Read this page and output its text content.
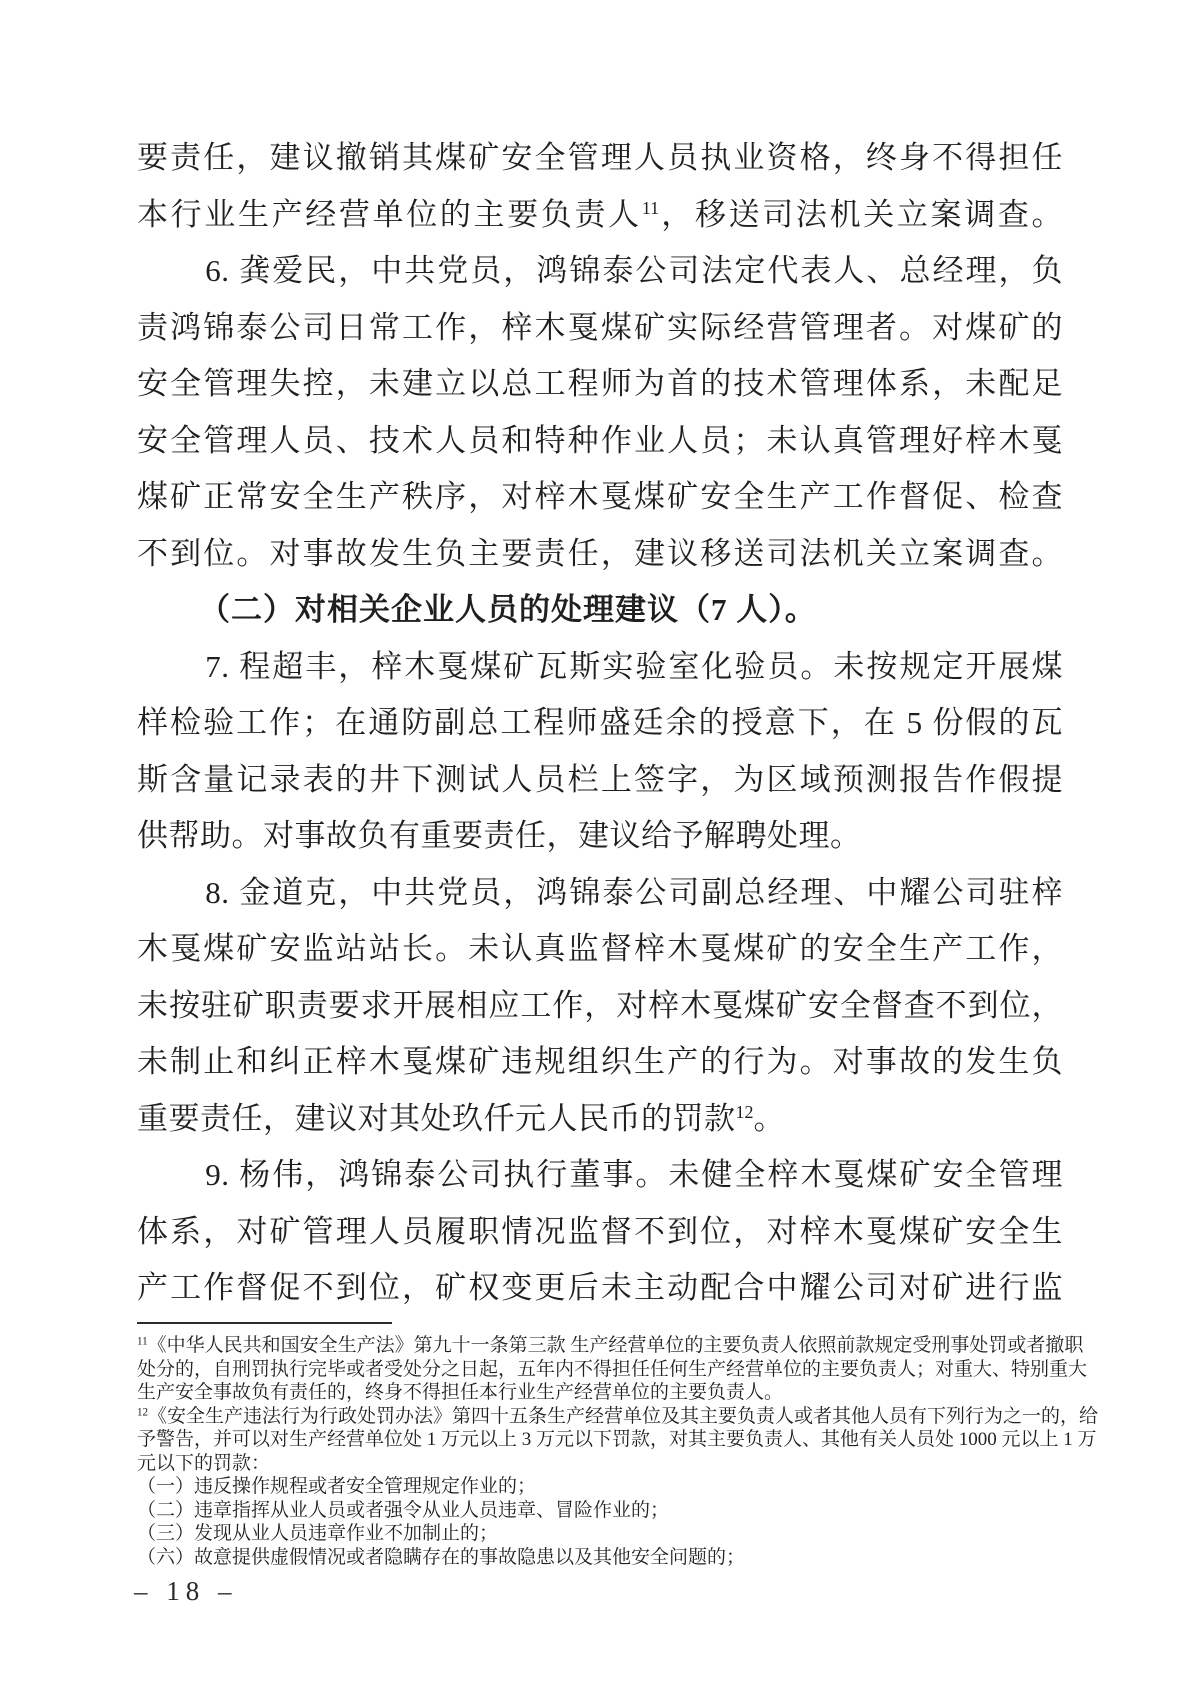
要责任，建议撤销其煤矿安全管理人员执业资格，终身不得担任
本行业生产经营单位的主要负责人$^{11}$，移送司法机关立案调查。
6. 龚爱民，中共党员，鸿锦泰公司法定代表人、总经理，负
责鸿锦泰公司日常工作，梓木戛煤矿实际经营管理者。对煤矿的
安全管理失控，未建立以总工程师为首的技术管理体系，未配足
安全管理人员、技术人员和特种作业人员；未认真管理好梓木戛
煤矿正常安全生产秩序，对梓木戛煤矿安全生产工作督促、检查
不到位。对事故发生负主要责任，建议移送司法机关立案调查。
（二）对相关企业人员的处理建议（7 人）。
7. 程超丰，梓木戛煤矿瓦斯实验室化验员。未按规定开展煤
样检验工作；在通防副总工程师盛廷余的授意下，在 5 份假的瓦
斯含量记录表的井下测试人员栏上签字，为区域预测报告作假提
供帮助。对事故负有重要责任，建议给予解聘处理。
8. 金道克，中共党员，鸿锦泰公司副总经理、中耀公司驻梓
木戛煤矿安监站站长。未认真监督梓木戛煤矿的安全生产工作，
未按驻矿职责要求开展相应工作，对梓木戛煤矿安全督查不到位，
未制止和纠正梓木戛煤矿违规组织生产的行为。对事故的发生负
重要责任，建议对其处玖仟元人民币的罚款$^{12}$。
9. 杨伟，鸿锦泰公司执行董事。未健全梓木戛煤矿安全管理
体系，对矿管理人员履职情况监督不到位，对梓木戛煤矿安全生
产工作督促不到位，矿权变更后未主动配合中耀公司对矿进行监
$^{11}$《中华人民共和国安全生产法》第九十一条第三款 生产经营单位的主要负责人依照前款规定受刑事处罚或者撤职
处分的，自刑罚执行完毕或者受处分之日起，五年内不得担任任何生产经营单位的主要负责人；对重大、特别重大
生产安全事故负有责任的，终身不得担任本行业生产经营单位的主要负责人。
$^{12}$《安全生产违法行为行政处罚办法》第四十五条生产经营单位及其主要负责人或者其他人员有下列行为之一的，给
予警告，并可以对生产经营单位处 1 万元以上 3 万元以下罚款，对其主要负责人、其他有关人员处 1000 元以上 1 万
元以下的罚款：
（一）违反操作规程或者安全管理规定作业的；
（二）违章指挥从业人员或者强令从业人员违章、冒险作业的；
（三）发现从业人员违章作业不加制止的；
（六）故意提供虚假情况或者隐瞒存在的事故隐患以及其他安全问题的；
– 18 –
